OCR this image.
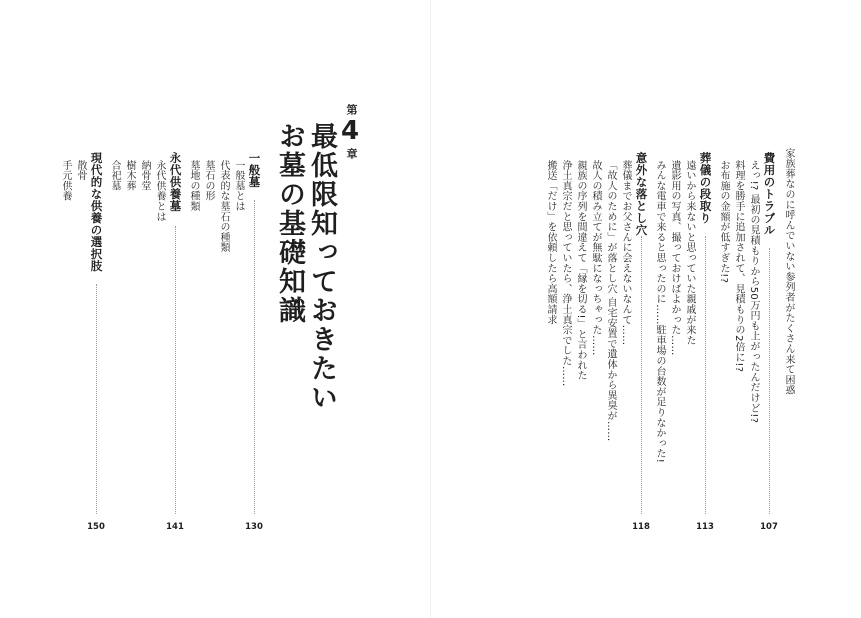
第
4
章
最低限知っておきたい
お墓の基礎知識
一般墓
130
一般墓とは
代表的な墓石の種類
墓石の形
墓地の種類
永代供養墓
141
永代供養とは
納骨堂
樹木葬
合祀墓
現代的な供養の選択肢
150
散骨
手元供養	家族葬なのに呼んでいない参列者がたくさん来て困惑
費用のトラブル
107
えっ!? 最初の見積もりから50万円も上がったんだけど!?
料理を勝手に追加されて、見積もりの2倍に!?
お布施の金額が低すぎた!?
葬儀の段取り
113
遠いから来ないと思っていた親戚が来た
遺影用の写真、撮っておけばよかった……
みんな電車で来ると思ったのに……駐車場の台数が足りなかった!
意外な落とし穴
118
葬儀までお父さんに会えないなんて……
「故人のために」が落とし穴 自宅安置で遺体から異臭が……
故人の積み立てが無駄になっちゃった……
親族の序列を間違えて「縁を切る!」と言われた
浄土真宗だと思っていたら、浄土真宗でした……
搬送「だけ」を依頼したら高額請求
